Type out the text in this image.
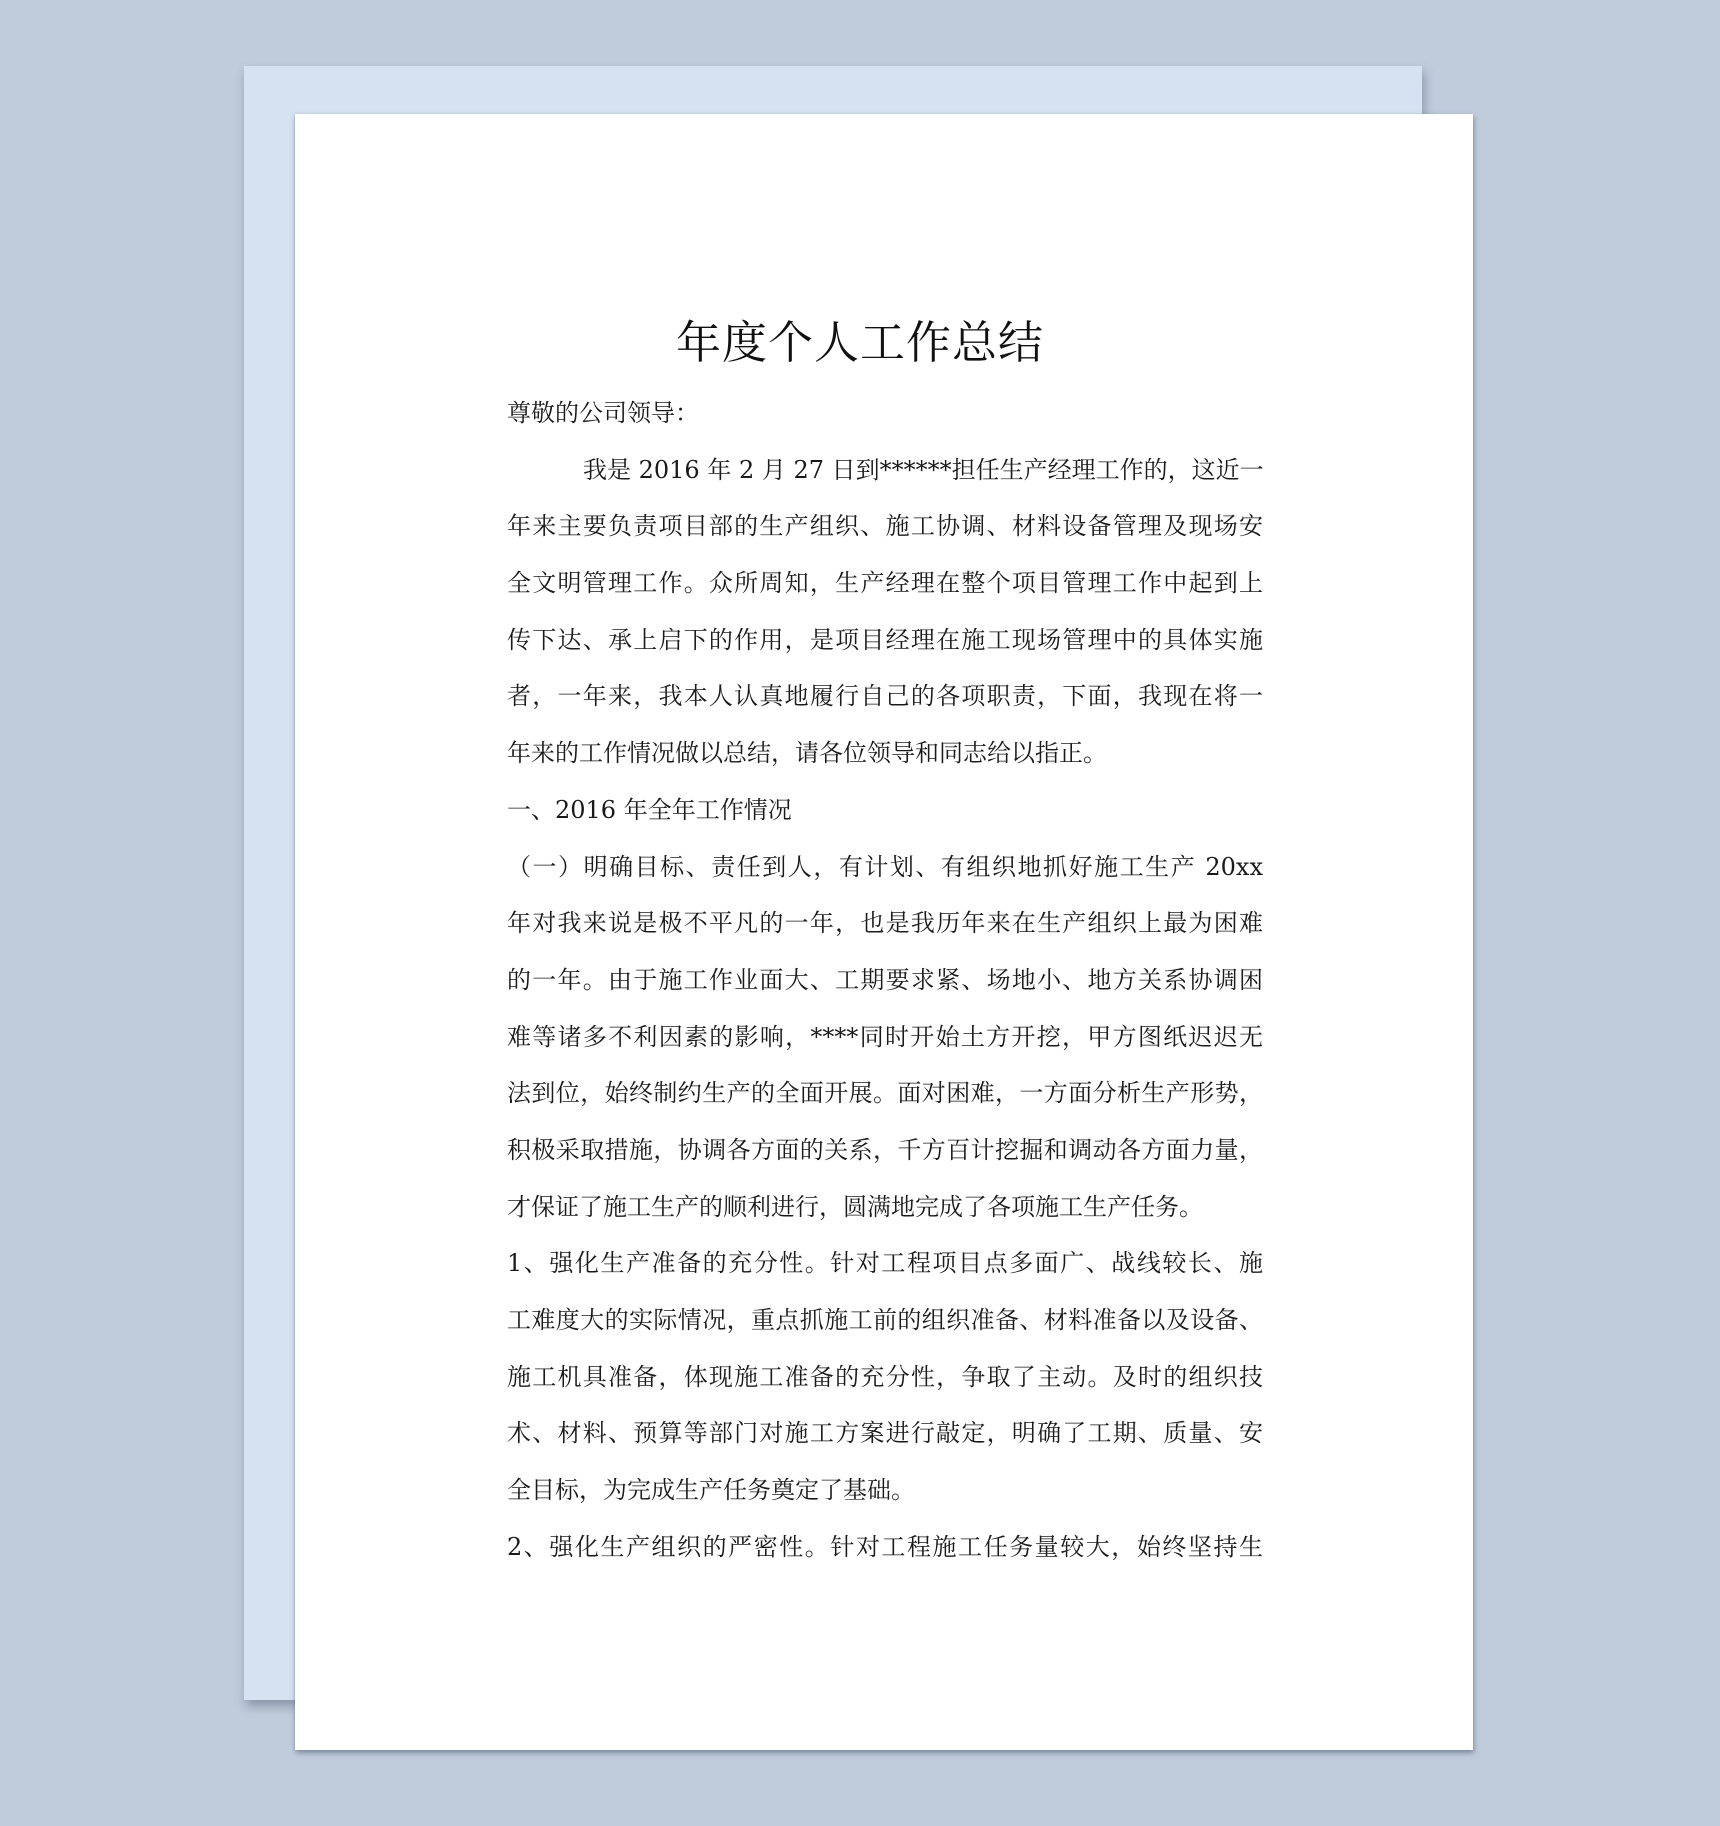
年度个人工作总结
尊敬的公司领导：
我是 2016 年 2 月 27 日到******担任生产经理工作的，这近一
年来主要负责项目部的生产组织、施工协调、材料设备管理及现场安
全文明管理工作。众所周知，生产经理在整个项目管理工作中起到上
传下达、承上启下的作用，是项目经理在施工现场管理中的具体实施
者，一年来，我本人认真地履行自己的各项职责，下面，我现在将一
年来的工作情况做以总结，请各位领导和同志给以指正。
一、2016 年全年工作情况
（一）明确目标、责任到人，有计划、有组织地抓好施工生产 20xx
年对我来说是极不平凡的一年，也是我历年来在生产组织上最为困难
的一年。由于施工作业面大、工期要求紧、场地小、地方关系协调困
难等诸多不利因素的影响，****同时开始土方开挖，甲方图纸迟迟无
法到位，始终制约生产的全面开展。面对困难，一方面分析生产形势，
积极采取措施，协调各方面的关系，千方百计挖掘和调动各方面力量，
才保证了施工生产的顺利进行，圆满地完成了各项施工生产任务。
1、强化生产准备的充分性。针对工程项目点多面广、战线较长、施
工难度大的实际情况，重点抓施工前的组织准备、材料准备以及设备、
施工机具准备，体现施工准备的充分性，争取了主动。及时的组织技
术、材料、预算等部门对施工方案进行敲定，明确了工期、质量、安
全目标，为完成生产任务奠定了基础。
2、强化生产组织的严密性。针对工程施工任务量较大，始终坚持生
